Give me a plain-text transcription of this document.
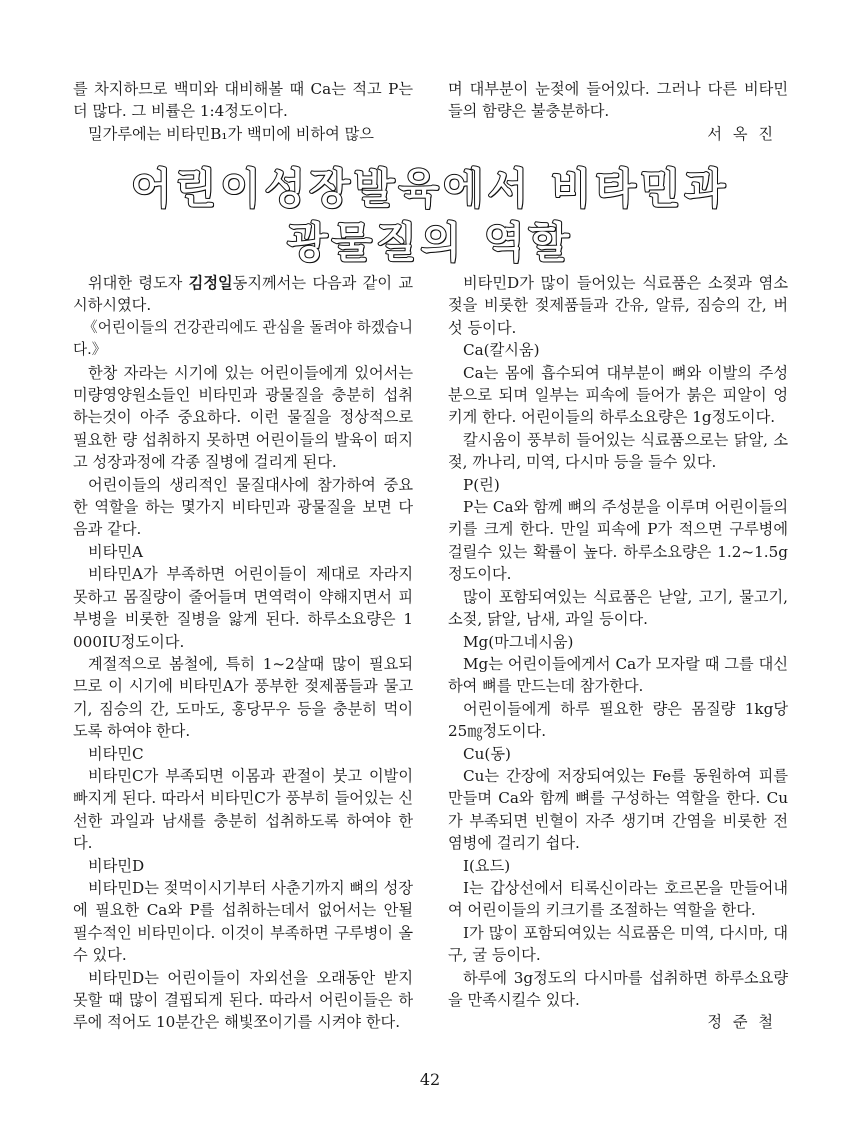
를 차지하므로 백미와 대비해볼 때 Ca는 적고 P는 더 많다. 그 비률은 1:4정도이다.

밀가루에는 비타민B₁가 백미에 비하여 많으

며 대부분이 눈젖에 들어있다. 그러나 다른 비타민들의 함량은 불충분하다.

서 옥 진

어린이성장발육에서 비타민과
광물질의 역할

위대한 령도자 김정일동지께서는 다음과 같이 교시하시였다.

《어린이들의 건강관리에도 관심을 돌려야 하겠습니다.》

한창 자라는 시기에 있는 어린이들에게 있어서는 미량영양원소들인 비타민과 광물질을 충분히 섭취하는것이 아주 중요하다. 이런 물질을 정상적으로 필요한 량 섭취하지 못하면 어린이들의 발육이 떠지고 성장과정에 각종 질병에 걸리게 된다.

어린이들의 생리적인 물질대사에 참가하여 중요한 역할을 하는 몇가지 비타민과 광물질을 보면 다음과 같다.

비타민A

비타민A가 부족하면 어린이들이 제대로 자라지 못하고 몸질량이 줄어들며 면역력이 약해지면서 피부병을 비롯한 질병을 앓게 된다. 하루소요량은 1 000IU정도이다.

계절적으로 봄철에, 특히 1~2살때 많이 필요되므로 이 시기에 비타민A가 풍부한 젖제품들과 물고기, 짐승의 간, 도마도, 홍당무우 등을 충분히 먹이도록 하여야 한다.

비타민C

비타민C가 부족되면 이몸과 관절이 붓고 이발이 빠지게 된다. 따라서 비타민C가 풍부히 들어있는 신선한 과일과 남새를 충분히 섭취하도록 하여야 한다.

비타민D

비타민D는 젖먹이시기부터 사춘기까지 뼈의 성장에 필요한 Ca와 P를 섭취하는데서 없어서는 안될 필수적인 비타민이다. 이것이 부족하면 구루병이 올수 있다.

비타민D는 어린이들이 자외선을 오래동안 받지 못할 때 많이 결핍되게 된다. 따라서 어린이들은 하루에 적어도 10분간은 해빛쪼이기를 시켜야 한다.

비타민D가 많이 들어있는 식료품은 소젖과 염소젖을 비롯한 젖제품들과 간유, 알류, 짐승의 간, 버섯 등이다.

Ca(칼시움)

Ca는 몸에 흡수되여 대부분이 뼈와 이발의 주성분으로 되며 일부는 피속에 들어가 붉은 피알이 엉키게 한다. 어린이들의 하루소요량은 1g정도이다.

칼시움이 풍부히 들어있는 식료품으로는 닭알, 소젖, 까나리, 미역, 다시마 등을 들수 있다.

P(린)

P는 Ca와 함께 뼈의 주성분을 이루며 어린이들의 키를 크게 한다. 만일 피속에 P가 적으면 구루병에 걸릴수 있는 확률이 높다. 하루소요량은 1.2~1.5g정도이다.

많이 포함되여있는 식료품은 낟알, 고기, 물고기, 소젖, 닭알, 남새, 과일 등이다.

Mg(마그네시움)

Mg는 어린이들에게서 Ca가 모자랄 때 그를 대신하여 뼈를 만드는데 참가한다.

어린이들에게 하루 필요한 량은 몸질량 1kg당 25㎎정도이다.

Cu(동)

Cu는 간장에 저장되여있는 Fe를 동원하여 피를 만들며 Ca와 함께 뼈를 구성하는 역할을 한다. Cu가 부족되면 빈혈이 자주 생기며 간염을 비롯한 전염병에 걸리기 쉽다.

I(요드)

I는 갑상선에서 티록신이라는 호르몬을 만들어내여 어린이들의 키크기를 조절하는 역할을 한다.

I가 많이 포함되여있는 식료품은 미역, 다시마, 대구, 굴 등이다.

하루에 3g정도의 다시마를 섭취하면 하루소요량을 만족시킬수 있다.

정 준 철

42
